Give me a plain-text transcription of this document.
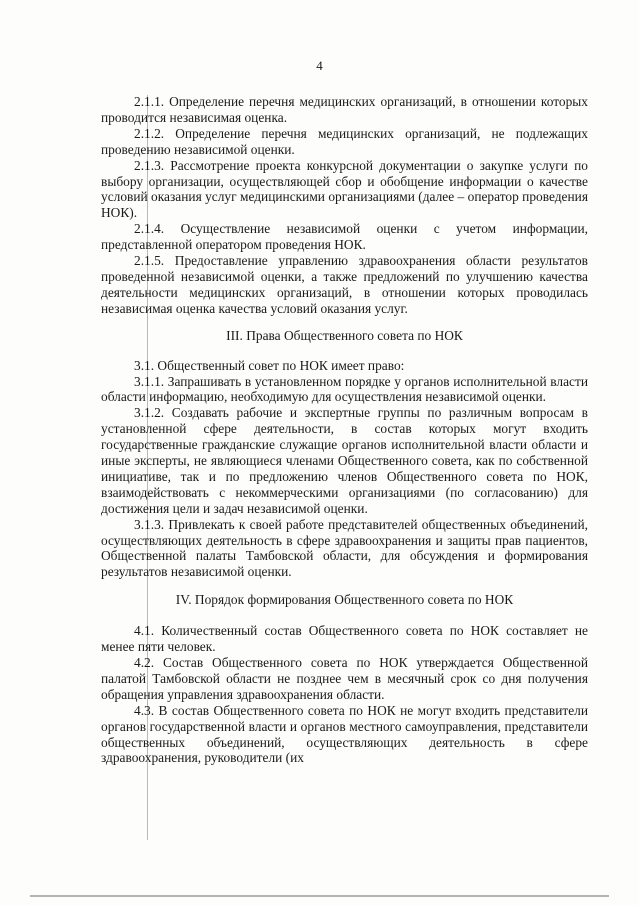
4

2.1.1. Определение перечня медицинских организаций, в отношении которых проводится независимая оценка.

2.1.2. Определение перечня медицинских организаций, не подлежащих проведению независимой оценки.

2.1.3. Рассмотрение проекта конкурсной документации о закупке услуги по выбору организации, осуществляющей сбор и обобщение информации о качестве условий оказания услуг медицинскими организациями (далее – оператор проведения НОК).

2.1.4. Осуществление независимой оценки с учетом информации, представленной оператором проведения НОК.

2.1.5. Предоставление управлению здравоохранения области результатов проведенной независимой оценки, а также предложений по улучшению качества деятельности медицинских организаций, в отношении которых проводилась независимая оценка качества условий оказания услуг.

III. Права Общественного совета по НОК

3.1. Общественный совет по НОК имеет право:

3.1.1. Запрашивать в установленном порядке у органов исполнительной власти области информацию, необходимую для осуществления независимой оценки.

3.1.2. Создавать рабочие и экспертные группы по различным вопросам в установленной сфере деятельности, в состав которых могут входить государственные гражданские служащие органов исполнительной власти области и иные эксперты, не являющиеся членами Общественного совета, как по собственной инициативе, так и по предложению членов Общественного совета по НОК, взаимодействовать с некоммерческими организациями (по согласованию) для достижения цели и задач независимой оценки.

3.1.3. Привлекать к своей работе представителей общественных объединений, осуществляющих деятельность в сфере здравоохранения и защиты прав пациентов, Общественной палаты Тамбовской области, для обсуждения и формирования результатов независимой оценки.

IV. Порядок формирования Общественного совета по НОК

4.1. Количественный состав Общественного совета по НОК составляет не менее пяти человек.

4.2. Состав Общественного совета по НОК утверждается Общественной палатой Тамбовской области не позднее чем в месячный срок со дня получения обращения управления здравоохранения области.

4.3. В состав Общественного совета по НОК не могут входить представители органов государственной власти и органов местного самоуправления, представители общественных объединений, осуществляющих деятельность в сфере здравоохранения, руководители (их
